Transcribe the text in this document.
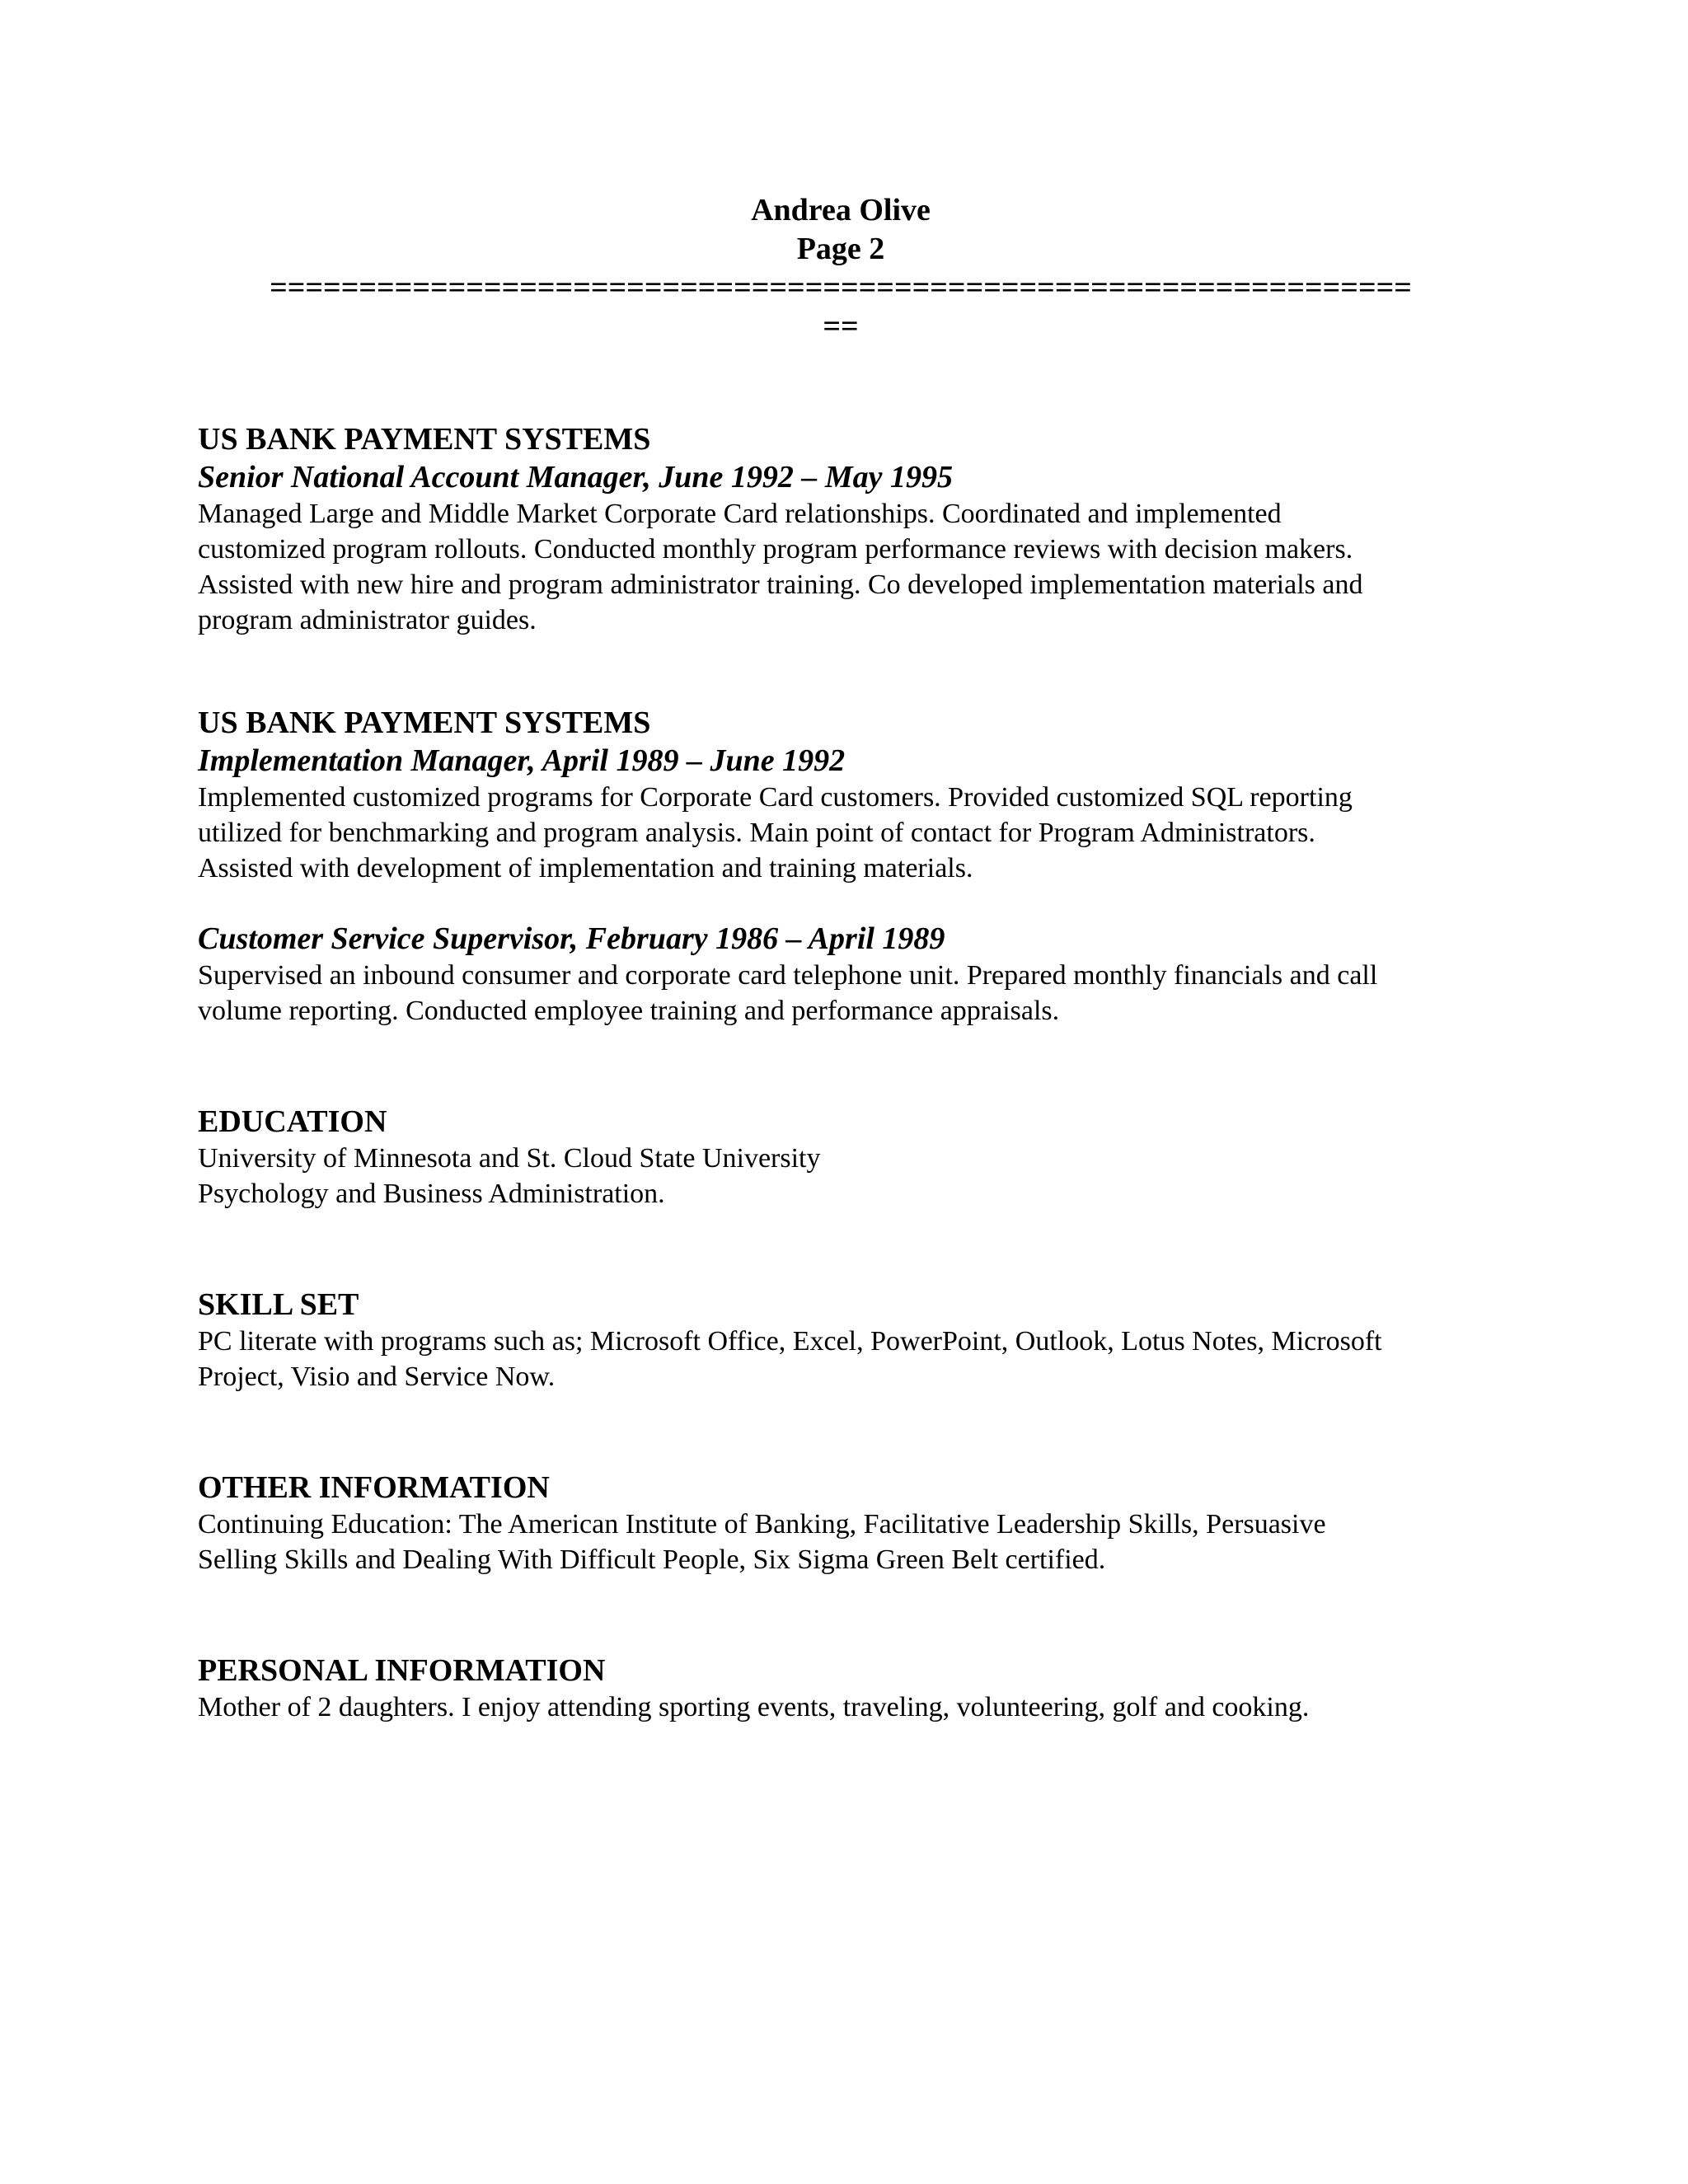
Andrea Olive
Page 2
================================================================
==
US BANK PAYMENT SYSTEMS
Senior National Account Manager, June 1992 – May 1995
Managed Large and Middle Market Corporate Card relationships. Coordinated and implemented
customized program rollouts. Conducted monthly program performance reviews with decision makers.
Assisted with new hire and program administrator training. Co developed implementation materials and
program administrator guides.
US BANK PAYMENT SYSTEMS
Implementation Manager, April 1989 – June 1992
Implemented customized programs for Corporate Card customers. Provided customized SQL reporting
utilized for benchmarking and program analysis. Main point of contact for Program Administrators.
Assisted with development of implementation and training materials.
Customer Service Supervisor, February 1986 – April 1989
Supervised an inbound consumer and corporate card telephone unit. Prepared monthly financials and call
volume reporting. Conducted employee training and performance appraisals.
EDUCATION
University of Minnesota and St. Cloud State University
Psychology and Business Administration.
SKILL SET
PC literate with programs such as; Microsoft Office, Excel, PowerPoint, Outlook, Lotus Notes, Microsoft
Project, Visio and Service Now.
OTHER INFORMATION
Continuing Education: The American Institute of Banking, Facilitative Leadership Skills, Persuasive
Selling Skills and Dealing With Difficult People, Six Sigma Green Belt certified.
PERSONAL INFORMATION
Mother of 2 daughters. I enjoy attending sporting events, traveling, volunteering, golf and cooking.
